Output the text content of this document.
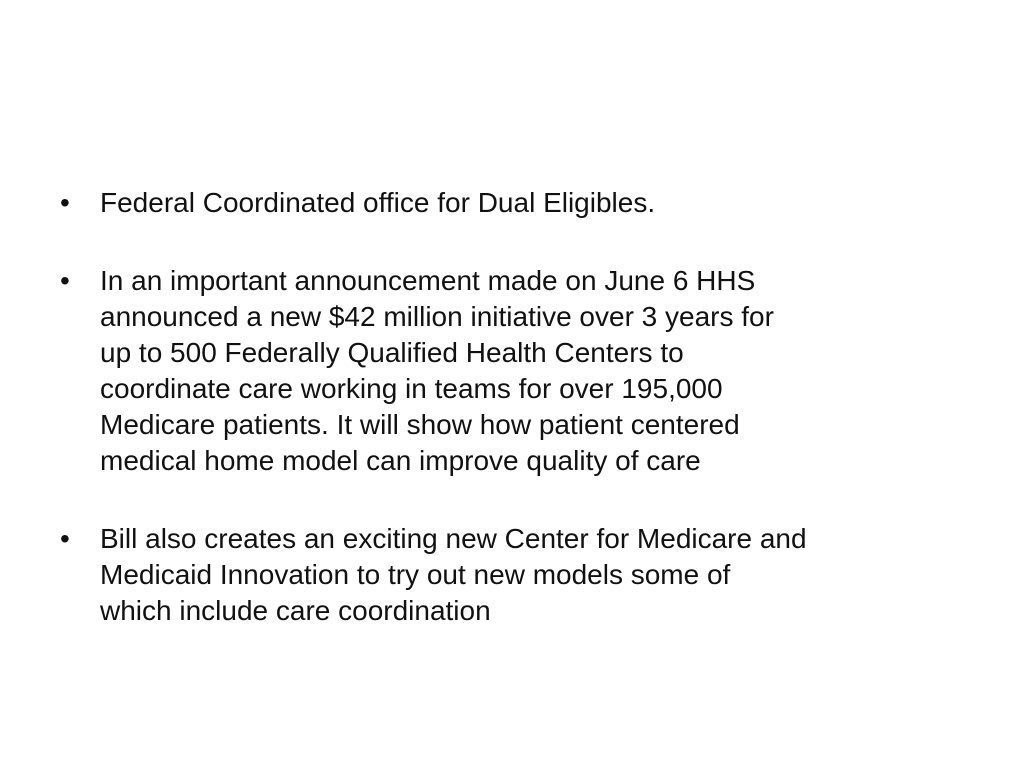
•	Federal Coordinated office for Dual Eligibles.
•	In an important announcement made on June 6 HHS
announced a new $42 million initiative over 3 years for
up to 500 Federally Qualified Health Centers to
coordinate care working in teams for over 195,000
Medicare patients. It will show how patient centered
medical home model can improve quality of care
•	Bill also creates an exciting new Center for Medicare and
Medicaid Innovation to try out new models some of
which include care coordination
